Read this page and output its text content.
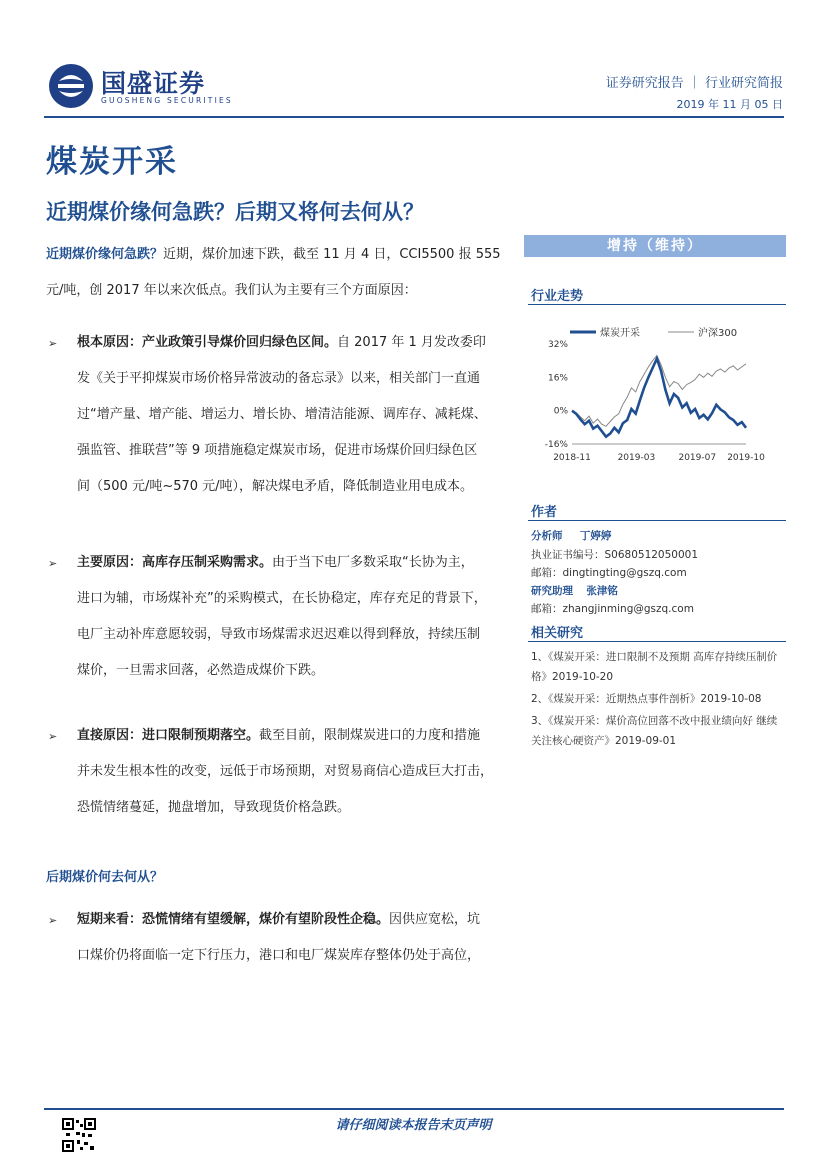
国盛证券
GUOSHENG SECURITIES
证券研究报告 ｜ 行业研究简报
2019 年 11 月 05 日
煤炭开采
近期煤价缘何急跌？后期又将何去何从？
近期煤价缘何急跌？近期，煤价加速下跌，截至 11 月 4 日，CCI5500 报 555
元/吨，创 2017 年以来次低点。我们认为主要有三个方面原因：
➢ 根本原因：产业政策引导煤价回归绿色区间。自 2017 年 1 月发改委印
发《关于平抑煤炭市场价格异常波动的备忘录》以来，相关部门一直通
过“增产量、增产能、增运力、增长协、增清洁能源、调库存、减耗煤、
强监管、推联营”等 9 项措施稳定煤炭市场，促进市场煤价回归绿色区
间（500 元/吨~570 元/吨），解决煤电矛盾，降低制造业用电成本。
➢ 主要原因：高库存压制采购需求。由于当下电厂多数采取“长协为主，
进口为辅，市场煤补充”的采购模式，在长协稳定，库存充足的背景下，
电厂主动补库意愿较弱，导致市场煤需求迟迟难以得到释放，持续压制
煤价，一旦需求回落，必然造成煤价下跌。
➢ 直接原因：进口限制预期落空。截至目前，限制煤炭进口的力度和措施
并未发生根本性的改变，远低于市场预期，对贸易商信心造成巨大打击，
恐慌情绪蔓延，抛盘增加，导致现货价格急跌。
后期煤价何去何从？
➢ 短期来看：恐慌情绪有望缓解，煤价有望阶段性企稳。因供应宽松，坑
口煤价仍将面临一定下行压力，港口和电厂煤炭库存整体仍处于高位，
增持（维持）
行业走势
煤炭开采	沪深300
32%
16%
0%
-16%
2018-11	2019-03	2019-07 2019-10
作者
分析师 丁婷婷
执业证书编号：S0680512050001
邮箱：dingtingting@gszq.com
研究助理 张津铭
邮箱：zhangjinming@gszq.com
相关研究
1、《煤炭开采：进口限制不及预期 高库存持续压制价
格》2019-10-20
2、《煤炭开采：近期热点事件剖析》2019-10-08
3、《煤炭开采：煤价高位回落不改中报业绩向好 继续
关注核心硬资产》2019-09-01
请仔细阅读本报告末页声明
